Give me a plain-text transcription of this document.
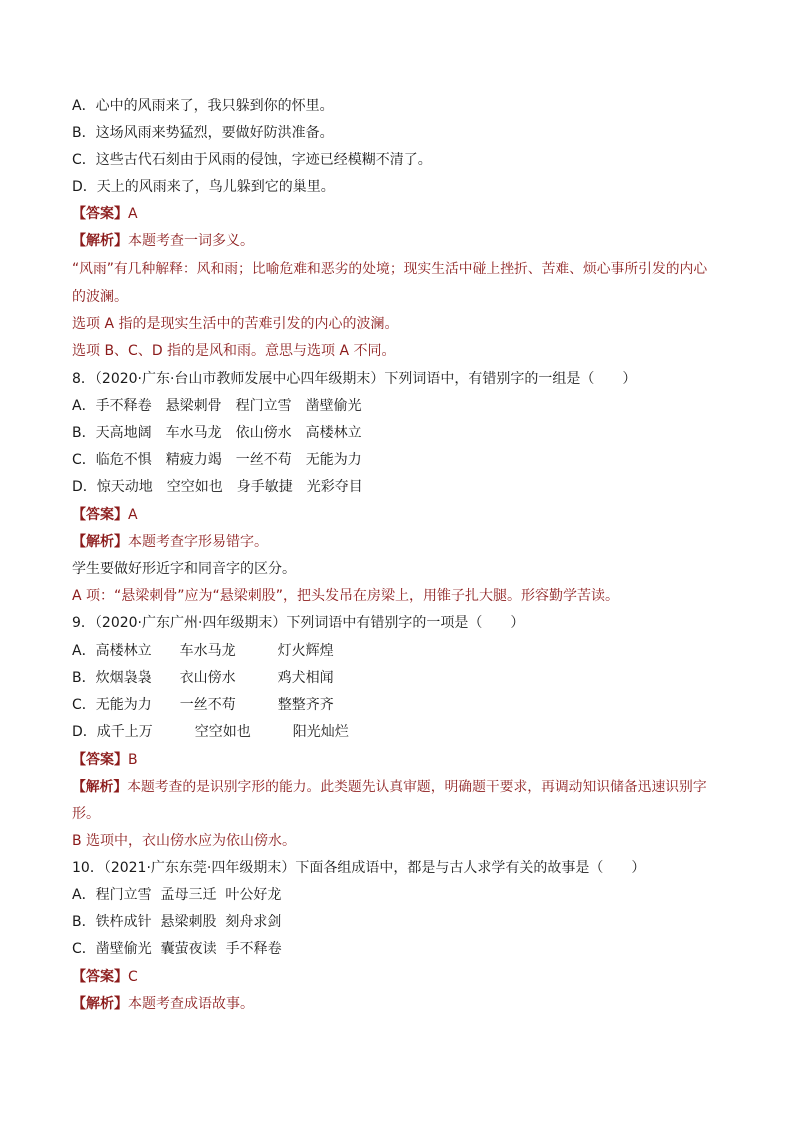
A．心中的风雨来了，我只躲到你的怀里。
B．这场风雨来势猛烈，要做好防洪准备。
C．这些古代石刻由于风雨的侵蚀，字迹已经模糊不清了。
D．天上的风雨来了，鸟儿躲到它的巢里。
【答案】A
【解析】本题考查一词多义。
“风雨”有几种解释：风和雨；比喻危难和恶劣的处境；现实生活中碰上挫折、苦难、烦心事所引发的内心
的波澜。
选项 A 指的是现实生活中的苦难引发的内心的波澜。
选项 B、C、D 指的是风和雨。意思与选项 A 不同。
8．（2020·广东·台山市教师发展中心四年级期末）下列词语中，有错别字的一组是（　　）
A．手不释卷　悬梁刺骨　程门立雪　凿壁偷光
B．天高地阔　车水马龙　依山傍水　高楼林立
C．临危不惧　精疲力竭　一丝不苟　无能为力
D．惊天动地　空空如也　身手敏捷　光彩夺目
【答案】A
【解析】本题考查字形易错字。
学生要做好形近字和同音字的区分。
A 项：“悬梁刺骨”应为“悬梁刺股”，把头发吊在房梁上，用锥子扎大腿。形容勤学苦读。
9．（2020·广东广州·四年级期末）下列词语中有错别字的一项是（　　）
A．高楼林立　　车水马龙　　　灯火辉煌
B．炊烟袅袅　　衣山傍水　　　鸡犬相闻
C．无能为力　　一丝不苟　　　整整齐齐
D．成千上万　　　空空如也　　　阳光灿烂
【答案】B
【解析】本题考查的是识别字形的能力。此类题先认真审题，明确题干要求，再调动知识储备迅速识别字
形。
B 选项中，衣山傍水应为依山傍水。
10．（2021·广东东莞·四年级期末）下面各组成语中，都是与古人求学有关的故事是（　　）
A．程门立雪  孟母三迁  叶公好龙
B．铁杵成针  悬梁刺股  刻舟求剑
C．凿壁偷光  囊萤夜读  手不释卷
【答案】C
【解析】本题考查成语故事。
